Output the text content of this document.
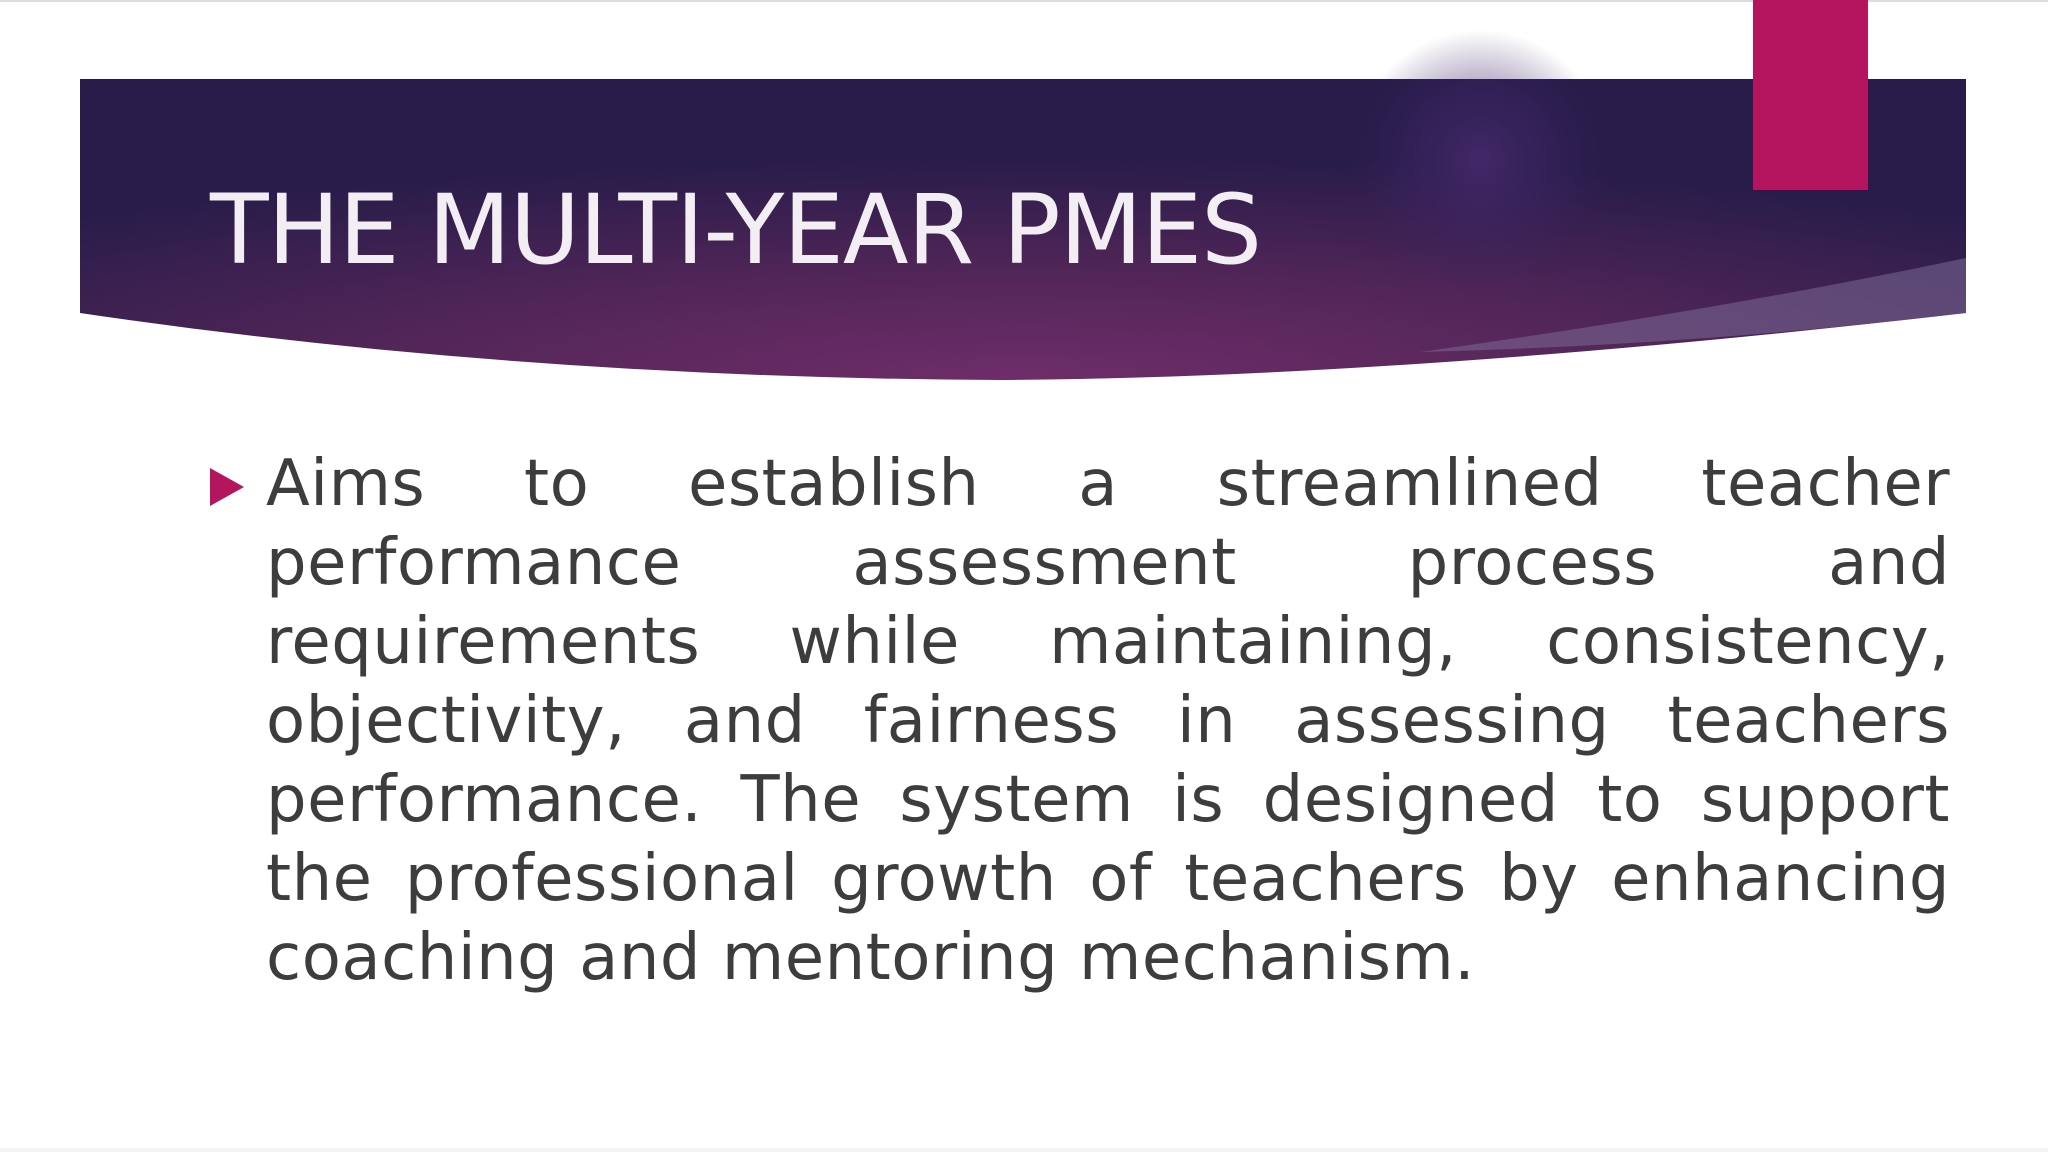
THE MULTI-YEAR PMES
Aims to establish a streamlined teacher performance assessment process and requirements while maintaining, consistency, objectivity, and fairness in assessing teachers performance. The system is designed to support the professional growth of teachers by enhancing coaching and mentoring mechanism.
